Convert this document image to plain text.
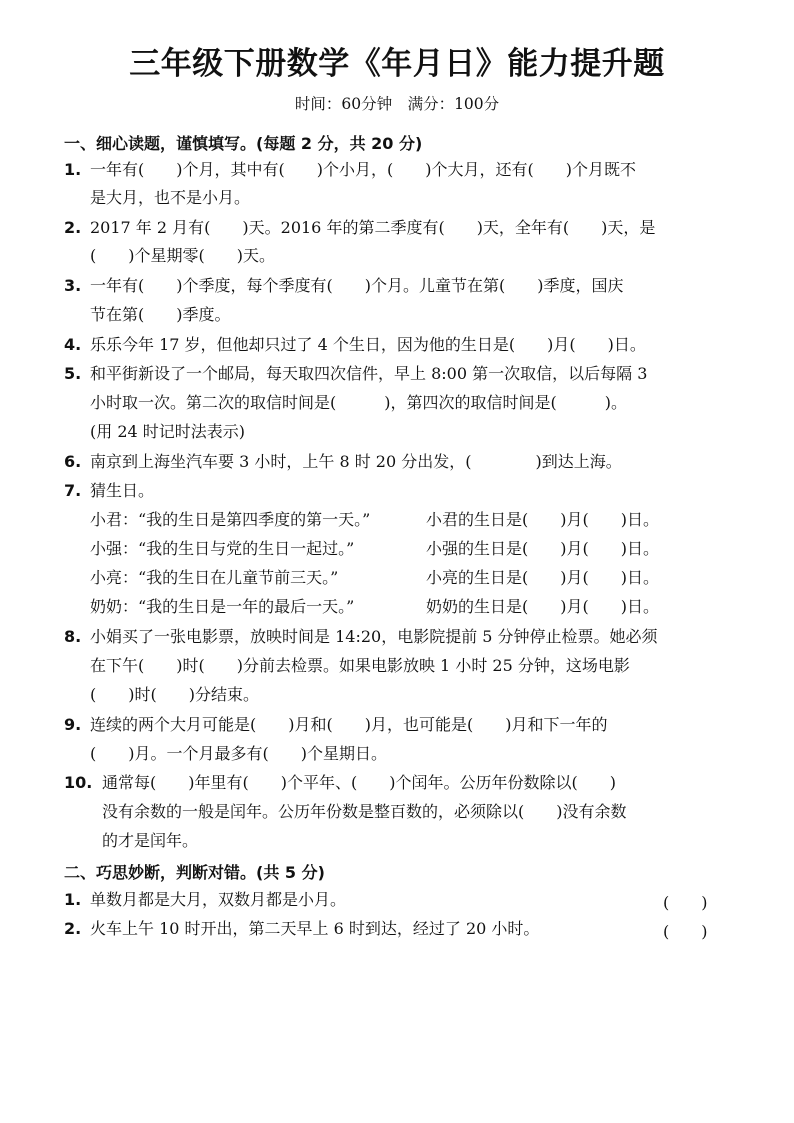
三年级下册数学《年月日》能力提升题
时间：60分钟　满分：100分
一、细心读题，谨慎填写。(每题 2 分，共 20 分)
1. 一年有(　　)个月，其中有(　　)个小月，(　　)个大月，还有(　　)个月既不
是大月，也不是小月。
2. 2017 年 2 月有(　　)天。2016 年的第二季度有(　　)天，全年有(　　)天，是
(　　)个星期零(　　)天。
3. 一年有(　　)个季度，每个季度有(　　)个月。儿童节在第(　　)季度，国庆
节在第(　　)季度。
4. 乐乐今年 17 岁，但他却只过了 4 个生日，因为他的生日是(　　)月(　　)日。
5. 和平街新设了一个邮局，每天取四次信件，早上 8:00 第一次取信，以后每隔 3
小时取一次。第二次的取信时间是(　　　)，第四次的取信时间是(　　　)。
(用 24 时记时法表示)
6. 南京到上海坐汽车要 3 小时，上午 8 时 20 分出发，(　　　　)到达上海。
7. 猜生日。
小君：“我的生日是第四季度的第一天。”	小君的生日是(　　)月(　　)日。
小强：“我的生日与党的生日一起过。”	小强的生日是(　　)月(　　)日。
小亮：“我的生日在儿童节前三天。”	小亮的生日是(　　)月(　　)日。
奶奶：“我的生日是一年的最后一天。”	奶奶的生日是(　　)月(　　)日。
8. 小娟买了一张电影票，放映时间是 14:20，电影院提前 5 分钟停止检票。她必须
在下午(　　)时(　　)分前去检票。如果电影放映 1 小时 25 分钟，这场电影
(　　)时(　　)分结束。
9. 连续的两个大月可能是(　　)月和(　　)月，也可能是(　　)月和下一年的
(　　)月。一个月最多有(　　)个星期日。
10. 通常每(　　)年里有(　　)个平年、(　　)个闰年。公历年份数除以(　　)
没有余数的一般是闰年。公历年份数是整百数的，必须除以(　　)没有余数
的才是闰年。
二、巧思妙断，判断对错。(共 5 分)
1. 单数月都是大月，双数月都是小月。	(　　)
2. 火车上午 10 时开出，第二天早上 6 时到达，经过了 20 小时。	(　　)
